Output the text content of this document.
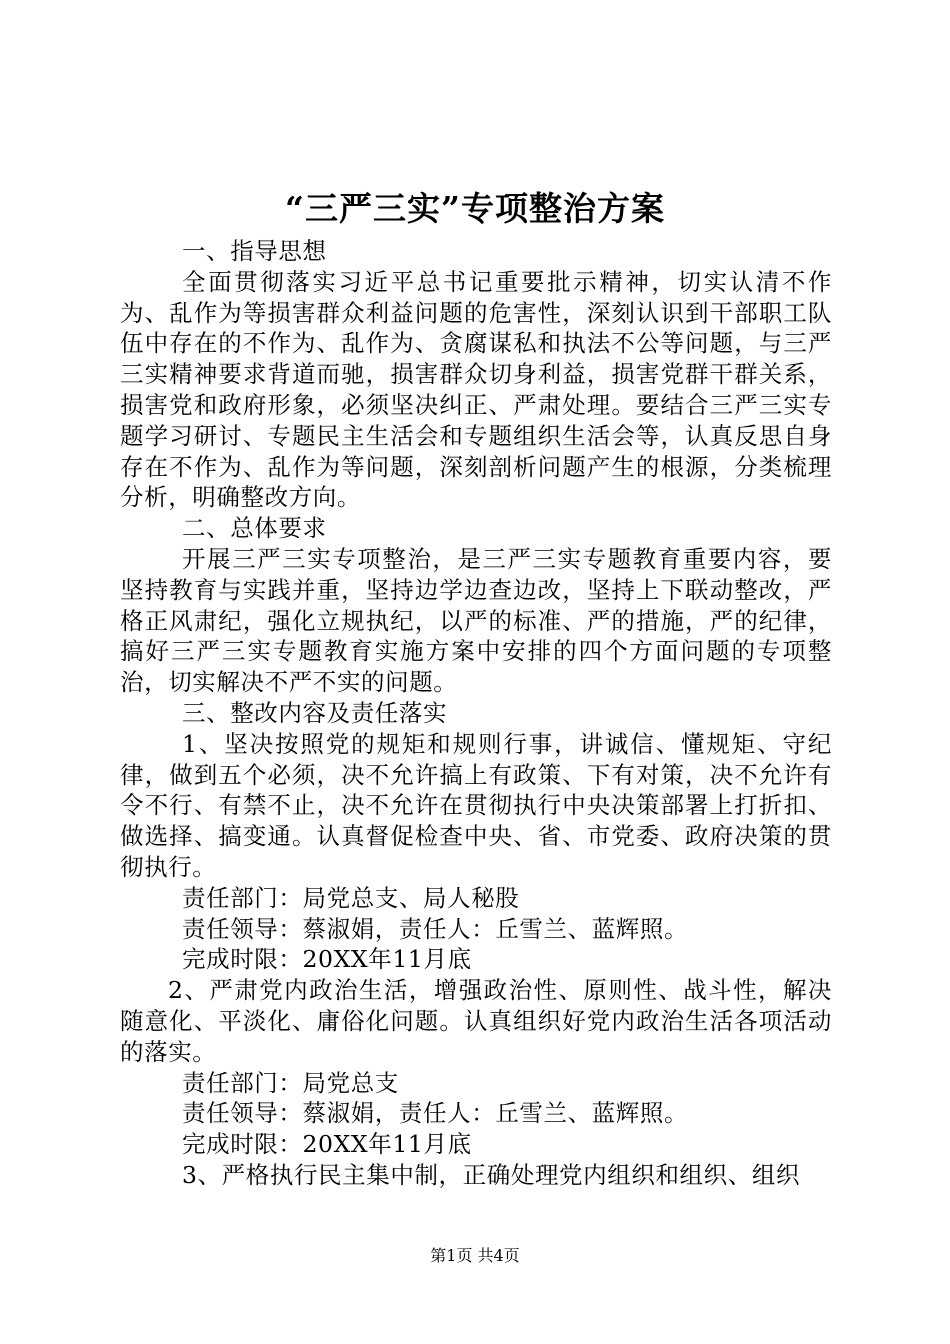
“三严三实”专项整治方案

一、指导思想

全面贯彻落实习近平总书记重要批示精神，切实认清不作为、乱作为等损害群众利益问题的危害性，深刻认识到干部职工队伍中存在的不作为、乱作为、贪腐谋私和执法不公等问题，与三严三实精神要求背道而驰，损害群众切身利益，损害党群干群关系，损害党和政府形象，必须坚决纠正、严肃处理。要结合三严三实专题学习研讨、专题民主生活会和专题组织生活会等，认真反思自身存在不作为、乱作为等问题，深刻剖析问题产生的根源，分类梳理分析，明确整改方向。

二、总体要求

开展三严三实专项整治，是三严三实专题教育重要内容，要坚持教育与实践并重，坚持边学边查边改，坚持上下联动整改，严格正风肃纪，强化立规执纪，以严的标准、严的措施，严的纪律，搞好三严三实专题教育实施方案中安排的四个方面问题的专项整治，切实解决不严不实的问题。

三、整改内容及责任落实

1、坚决按照党的规矩和规则行事，讲诚信、懂规矩、守纪律，做到五个必须，决不允许搞上有政策、下有对策，决不允许有令不行、有禁不止，决不允许在贯彻执行中央决策部署上打折扣、做选择、搞变通。认真督促检查中央、省、市党委、政府决策的贯彻执行。

责任部门：局党总支、局人秘股

责任领导：蔡淑娟，责任人：丘雪兰、蓝辉照。

完成时限：20XX年11月底

2、严肃党内政治生活，增强政治性、原则性、战斗性，解决随意化、平淡化、庸俗化问题。认真组织好党内政治生活各项活动的落实。

责任部门：局党总支

责任领导：蔡淑娟，责任人：丘雪兰、蓝辉照。

完成时限：20XX年11月底

3、严格执行民主集中制，正确处理党内组织和组织、组织

第1页 共4页
